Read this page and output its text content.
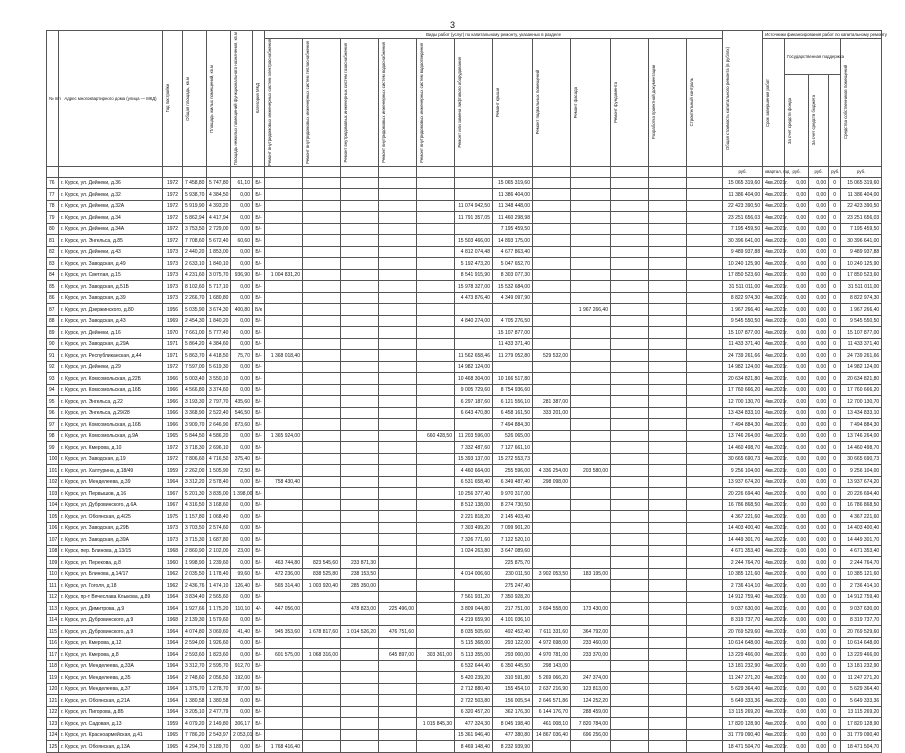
3
№ п/п	Адрес многоквартирного дома (улица — МКД)	Год постройки	Общая площадь, кв.м	Площадь жилых помещений, кв.м	Площадь нежилых помещений функционального назначения, кв.м	Категория МКД	Виды работ (услуг) по капитальному ремонту, указанных в разделе												Общая стоимость капитального ремонта (в рублях)	Источники финансирования работ по капитальному ремонту				

							Ремонт внутридомовых инженерных систем электроснабжения	Ремонт внутридомовых инженерных систем теплоснабжения	Ремонт внутридомовых инженерных систем газоснабжения	Ремонт внутридомовых инженерных систем водоснабжения	Ремонт внутридомовых инженерных систем водоотведения	Ремонт или замена лифтового оборудования	Ремонт крыши	Ремонт подвальных помещений	Ремонт фасада	Ремонт фундамента	Разработка проектной документации	Строительный контроль		Срок завершения работ	Государственная поддержка			Средства собственников помещений

																					За счет средств фонда	За счет средств бюджета		

																			руб.	квартал, год	руб.	руб.	руб.	руб.
76	г. Курск, ул. Дейнеки, д.36	1972	7 458,80	5 747,80	61,10	Б/-							15 065 319,60						15 065 319,60	4кв.2021г.	0,00	0,00	0	15 065 319,60
77	г. Курск, ул. Дейнеки, д.32	1972	5 938,70	4 384,50	0,00	Б/-							11 386 404,00						11 386 404,00	4кв.2021г.	0,00	0,00	0	11 386 404,00
78	г. Курск, ул. Дейнеки, д.32А	1972	5 919,90	4 393,20	0,00	Б/-						11 074 942,50	11 348 448,00						22 423 390,50	4кв.2021г.	0,00	0,00	0	22 423 390,50
79	г. Курск, ул. Дейнеки, д.34	1972	5 862,94	4 417,94	0,00	Б/-						11 791 357,05	11 460 298,98						23 251 656,03	4кв.2021г.	0,00	0,00	0	23 251 656,03
80	г. Курск, ул. Дейнеки, д.34А	1972	3 753,50	2 729,00	0,00	Б/-							7 195 459,50						7 195 459,50	4кв.2021г.	0,00	0,00	0	7 195 459,50
81	г. Курск, ул. Энгельса, д.85	1972	7 708,60	5 672,40	60,60	Б/-						15 503 466,00	14 893 175,00						30 396 641,00	4кв.2021г.	0,00	0,00	0	30 396 641,00
82	г. Курск, ул. Дейнеки, д.43	1973	2 440,20	1 853,00	0,00	Б/-						4 812 074,48	4 677 863,40						9 489 937,88	4кв.2021г.	0,00	0,00	0	9 489 937,88
83	г. Курск, ул. Заводская, д.49	1973	2 633,10	1 840,10	0,00	Б/-						5 192 473,20	5 047 652,70						10 240 125,90	4кв.2021г.	0,00	0,00	0	10 240 125,90
84	г. Курск, ул. Светлая, д.15	1973	4 231,60	3 075,70	936,90	Б/-	1 004 831,20					8 541 915,90	8 303 077,30						17 850 523,60	4кв.2021г.	0,00	0,00	0	17 850 523,60
85	г. Курск, ул. Заводская, д.51Б	1973	8 102,60	5 717,10	0,00	Б/-						15 978 327,00	15 532 684,00						31 511 011,00	4кв.2021г.	0,00	0,00	0	31 511 011,00
86	г. Курск, ул. Заводская, д.39	1973	2 266,70	1 680,80	0,00	Б/-						4 473 876,40	4 349 097,90						8 822 974,30	4кв.2021г.	0,00	0,00	0	8 822 974,30
87	г. Курск, ул. Дзержинского, д.80	1956	5 035,90	3 674,30	400,80	Б/к									1 967 266,40				1 967 266,40	4кв.2021г.	0,00	0,00	0	1 967 266,40
88	г. Курск, ул. Заводская, д.43	1969	2 454,30	1 840,20	0,00	Б/-						4 840 274,00	4 705 276,50						9 545 550,50	4кв.2021г.	0,00	0,00	0	9 545 550,50
89	г. Курск, ул. Дейнеки, д.16	1970	7 661,00	5 777,40	0,00	Б/-							15 107 877,00						15 107 877,00	4кв.2021г.	0,00	0,00	0	15 107 877,00
90	г. Курск, ул. Заводская, д.29А	1971	5 864,20	4 384,60	0,00	Б/-							11 433 371,40						11 433 371,40	4кв.2021г.	0,00	0,00	0	11 433 371,40
91	г. Курск, ул. Республиканская, д.44	1971	5 863,70	4 418,50	75,70	Б/-	1 368 018,40					11 562 658,46	11 279 052,80	529 532,00					24 739 261,66	4кв.2021г.	0,00	0,00	0	24 739 261,66
92	г. Курск, ул. Дейнеки, д.29	1972	7 597,00	5 619,30	0,00	Б/-						14 982 124,00							14 982 124,00	4кв.2021г.	0,00	0,00	0	14 982 124,00
93	г. Курск, ул. Комсомольская, д.22Б	1966	5 003,40	3 550,10	0,00	Б/-						10 468 304,00	10 166 517,80						20 634 821,80	4кв.2021г.	0,00	0,00	0	20 634 821,80
94	г. Курск, ул. Комсомольская, д.16Б	1966	4 566,80	3 374,60	0,00	Б/-						9 005 729,60	8 754 936,60						17 760 666,20	4кв.2021г.	0,00	0,00	0	17 760 666,20
95	г. Курск, ул. Энгельса, д.22	1966	3 193,30	2 797,70	435,60	Б/-						6 297 187,60	6 121 556,10	281 387,00					12 700 130,70	4кв.2021г.	0,00	0,00	0	12 700 130,70
96	г. Курск, ул. Энгельса, д.29/28	1966	3 368,90	2 522,40	546,50	Б/-						6 643 470,80	6 458 161,50	333 201,00					13 434 833,10	4кв.2021г.	0,00	0,00	0	13 434 833,10
97	г. Курск, ул. Комсомольская, д.16Б	1966	3 909,70	2 646,90	873,60	Б/-							7 494 884,30						7 494 884,30	4кв.2021г.	0,00	0,00	0	7 494 884,30
98	г. Курск, ул. Комсомольская, д.9А	1965	5 844,50	4 586,20	0,00	Б/-	1 365 924,00				660 428,50	11 203 596,00	526 065,00						13 746 264,00	4кв.2021г.	0,00	0,00	0	13 746 264,00
99	г. Курск, ул. Кмерова, д.10	1972	3 718,30	2 696,10	0,00	Б/-						7 332 487,60	7 127 661,10						14 460 498,70	4кв.2021г.	0,00	0,00	0	14 460 498,70
100	г. Курск, ул. Заводская, д.19	1972	7 806,60	4 716,50	375,40	Б/-						15 393 137,00	15 272 553,73						30 665 690,73	4кв.2021г.	0,00	0,00	0	30 665 690,73
101	г. Курск, ул. Халтурина, д.18/49	1959	2 262,00	1 505,90	72,50	Б/-						4 460 664,00	255 596,00	4 336 254,00	203 580,00				9 256 104,00	4кв.2021г.	0,00	0,00	0	9 256 104,00
102	г. Курск, ул. Менделеева, д.39	1964	3 312,20	2 578,40	0,00	Б/-	758 430,40					6 531 658,40	6 349 487,40	298 098,00					13 937 674,20	4кв.2021г.	0,00	0,00	0	13 937 674,20
103	г. Курск, ул. Первышов, д.16	1967	5 201,30	3 835,00	1 398,00	Б/-						10 256 377,40	9 970 317,00						20 226 694,40	4кв.2021г.	0,00	0,00	0	20 226 694,40
104	г. Курск, ул. Дубровинского, д.6А	1967	4 316,50	3 168,60	0,00	Б/-						8 512 138,00	8 274 730,50						16 786 868,50	4кв.2021г.	0,00	0,00	0	16 786 868,50
105	г. Курск, ул. Обоянская, д.4/25	1975	1 157,80	1 068,40	0,00	Б/-						2 221 818,20	2 145 403,40						4 367 221,60	4кв.2021г.	0,00	0,00	0	4 367 221,60
106	г. Курск, ул. Заводская, д.29Б	1973	3 703,50	2 574,60	0,00	Б/-						7 303 499,20	7 099 901,20						14 403 400,40	4кв.2021г.	0,00	0,00	0	14 403 400,40
107	г. Курск, ул. Заводская, д.39А	1973	3 715,30	1 687,80	0,00	Б/-						7 326 771,60	7 122 520,10						14 449 301,70	4кв.2021г.	0,00	0,00	0	14 449 301,70
108	г. Курск, пер. Блинова, д.13/15	1968	2 860,90	2 102,00	23,00	Б/-						1 024 263,80	3 647 089,60						4 671 353,40	4кв.2021г.	0,00	0,00	0	4 671 353,40
109	г. Курск, ул. Перекова, д.8	1960	1 998,90	1 239,60	0,00	Б/-	463 744,80	823 545,60	233 871,30				225 875,70						2 244 764,70	4кв.2021г.	0,00	0,00	0	2 244 764,70
110	г. Курск, ул. Блинова, д.14/17	1962	2 035,50	1 178,40	99,60	Б/-	472 236,00	838 525,80	238 153,50			4 014 006,60	230 011,50	3 902 053,50	183 195,00				10 385 121,60	4кв.2021г.	0,00	0,00	0	10 385 121,60
111	г. Курск, ул. Гоголя, д.18	1962	2 436,76	1 474,10	126,40	Б/-	565 314,40	1 003 920,40	285 350,00				275 247,40						2 736 414,10	4кв.2021г.	0,00	0,00	0	2 736 414,10
112	г. Курск, пр-т Вячеслава Клыкова, д.89	1964	3 834,40	2 565,60	0,00	Б/-						7 561 931,20	7 350 928,20						14 912 759,40	4кв.2021г.	0,00	0,00	0	14 912 759,40
113	г. Курск, ул. Димитрова, д.9	1964	1 927,66	1 175,20	110,10	4/-	447 056,00		478 823,00	225 496,00		3 809 044,80	217 751,00	3 694 558,00	173 430,00				9 037 630,00	4кв.2021г.	0,00	0,00	0	9 037 630,00
114	г. Курск, ул. Дубровинского, д.9	1968	2 139,30	1 579,60	0,00	Б/-						4 219 659,90	4 101 036,10						8 319 737,70	4кв.2021г.	0,00	0,00	0	8 319 737,70
115	г. Курск, ул. Дубровинского, д.9	1964	4 074,80	3 069,60	41,40	Б/-	945 353,60	1 678 817,60	1 014 526,20	476 751,60		8 035 505,60	492 452,40	7 611 331,60	364 792,00				20 769 529,60	4кв.2021г.	0,00	0,00	0	20 769 529,60
116	г. Курск, ул. Кмерова, д.12	1964	2 594,00	1 926,60	0,00	Б/-						5 115 368,00	293 122,00	4 972 698,00	233 460,00				10 614 648,00	4кв.2021г.	0,00	0,00	0	10 614 648,00
117	г. Курск, ул. Кмерова, д.8	1964	2 593,60	1 823,60	0,00	Б/-	601 575,00	1 068 316,00		645 897,00	303 361,00	5 113 355,00	293 000,00	4 970 781,00	233 370,00				13 229 466,00	4кв.2021г.	0,00	0,00	0	13 229 466,00
118	г. Курск, ул. Менделеева, д.33А	1964	3 312,70	2 595,70	912,70	Б/-						6 532 644,40	6 350 445,50	298 143,00					13 181 232,90	4кв.2021г.	0,00	0,00	0	13 181 232,90
119	г. Курск, ул. Менделеева, д.35	1964	2 748,60	2 056,50	192,00	Б/-						5 420 239,20	310 591,80	5 269 066,20	247 374,00				11 247 271,20	4кв.2021г.	0,00	0,00	0	11 247 271,20
120	г. Курск, ул. Менделеева, д.37	1964	1 375,70	1 278,70	97,00	Б/-						2 712 880,40	155 454,10	2 637 216,90	123 813,00				5 629 364,40	4кв.2021г.	0,00	0,00	0	5 629 364,40
121	г. Курск, ул. Обоянская, д.21А	1964	1 380,58	1 380,58	0,00	Б/-						2 722 503,80	156 005,54	2 646 571,86	124 252,20				5 649 333,36	4кв.2021г.	0,00	0,00	0	5 649 333,36
122	г. Курск, ул. Пигорова, д.8Б	1964	3 205,10	2 477,79	0,00	Б/-						6 320 457,20	362 176,30	6 144 176,70	288 459,00				13 115 269,20	4кв.2021г.	0,00	0,00	0	13 115 269,20
123	г. Курск, ул. Садовая, д.13	1959	4 079,20	2 149,80	306,17	Б/-					1 015 845,30	477 324,30	8 045 198,40	461 008,10	7 820 784,00				17 820 128,90	4кв.2021г.	0,00	0,00	0	17 820 128,90
124	г. Курск, ул. Красноармейская, д.41	1965	7 786,20	2 543,97	2 053,01	Б/-						15 361 946,40	477 380,80	14 867 036,40	696 256,00				31 779 090,40	4кв.2021г.	0,00	0,00	0	31 779 090,40
125	г. Курск, ул. Обоянская, д.13А	1965	4 294,70	3 189,70	0,00	Б/-	1 768 416,40					8 469 148,40	8 232 939,90						18 471 504,70	4кв.2021г.	0,00	0,00	0	18 471 504,70
